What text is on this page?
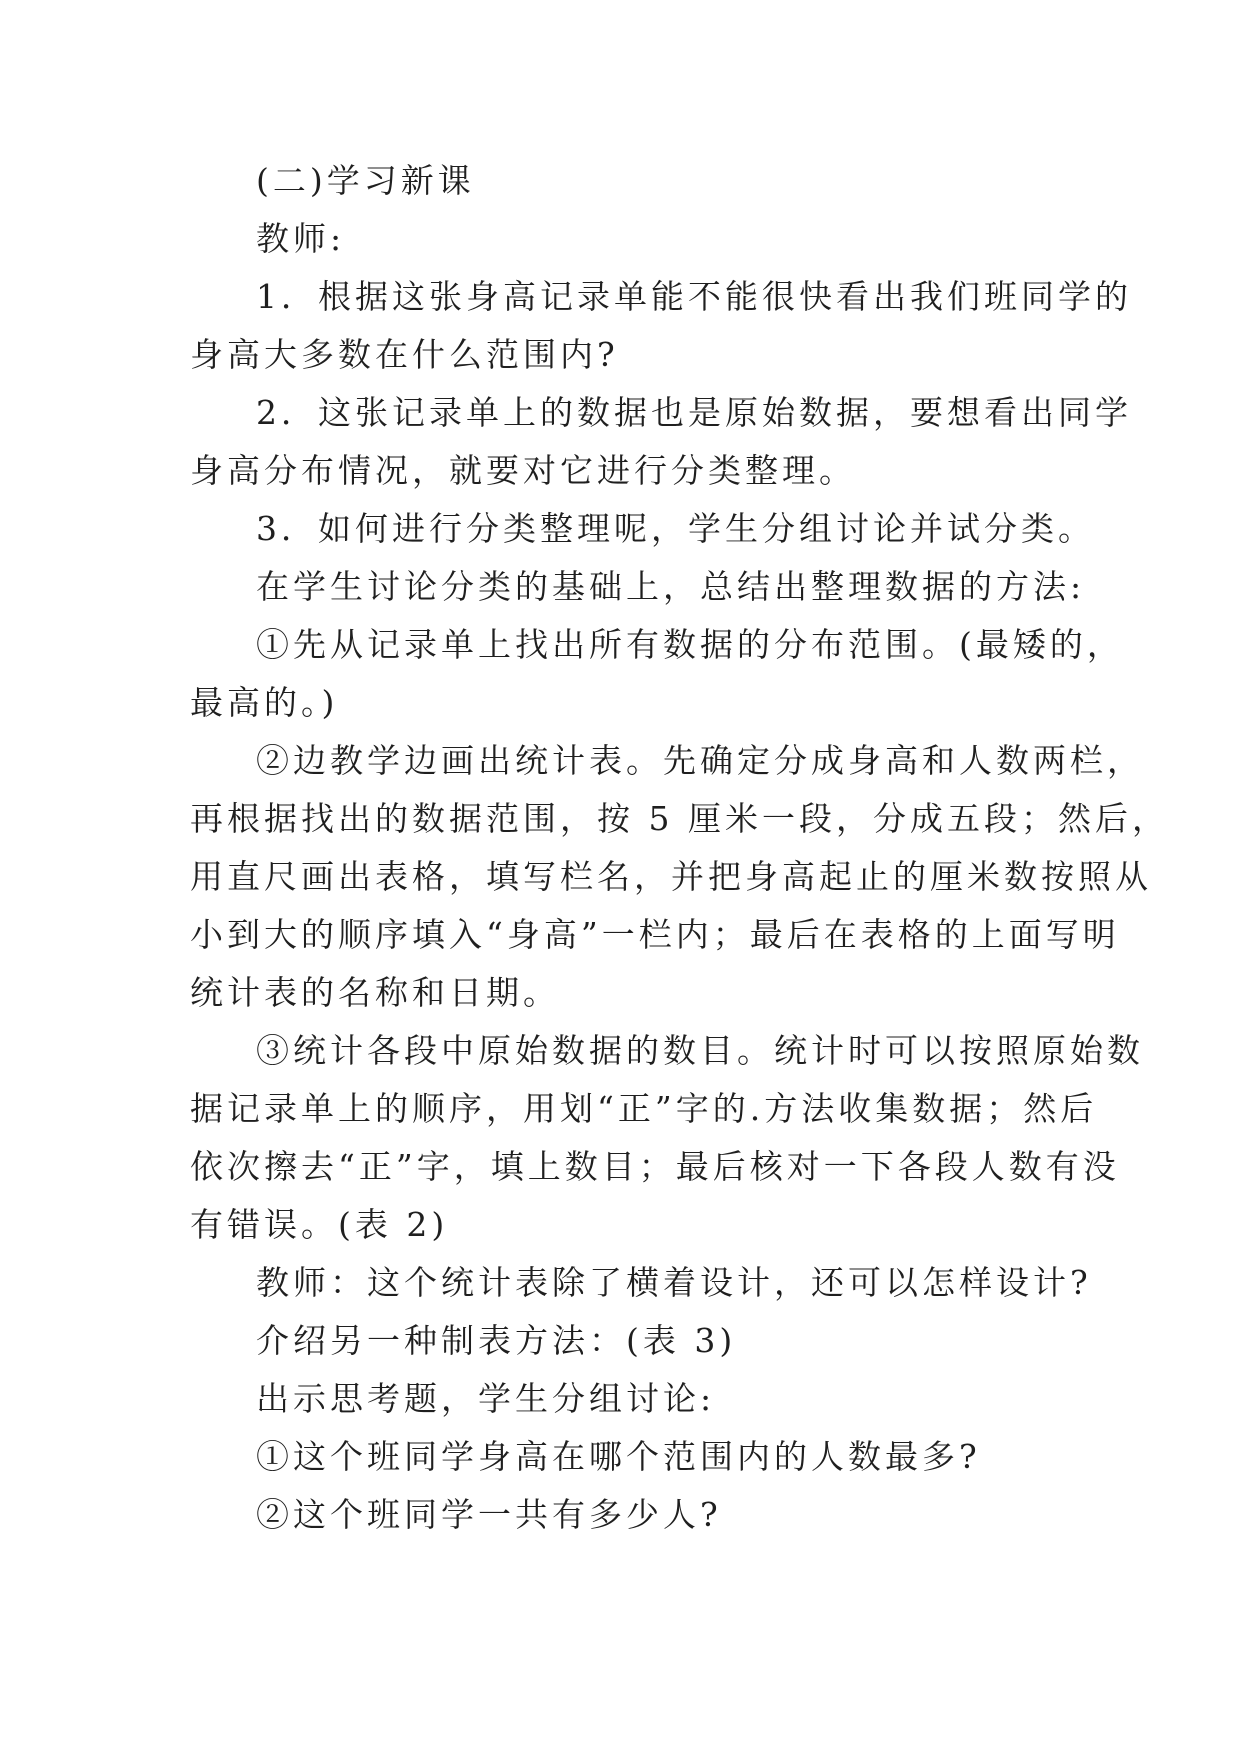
(二)学习新课
教师:
1．根据这张身高记录单能不能很快看出我们班同学的
身高大多数在什么范围内?
2．这张记录单上的数据也是原始数据，要想看出同学
身高分布情况，就要对它进行分类整理。
3．如何进行分类整理呢，学生分组讨论并试分类。
在学生讨论分类的基础上，总结出整理数据的方法:
①先从记录单上找出所有数据的分布范围。(最矮的，
最高的。)
②边教学边画出统计表。先确定分成身高和人数两栏，
再根据找出的数据范围，按 5 厘米一段，分成五段；然后，
用直尺画出表格，填写栏名，并把身高起止的厘米数按照从
小到大的顺序填入“身高”一栏内；最后在表格的上面写明
统计表的名称和日期。
③统计各段中原始数据的数目。统计时可以按照原始数
据记录单上的顺序，用划“正”字的.方法收集数据；然后
依次擦去“正”字，填上数目；最后核对一下各段人数有没
有错误。(表 2)
教师：这个统计表除了横着设计，还可以怎样设计?
介绍另一种制表方法：(表 3)
出示思考题，学生分组讨论:
①这个班同学身高在哪个范围内的人数最多?
②这个班同学一共有多少人?
